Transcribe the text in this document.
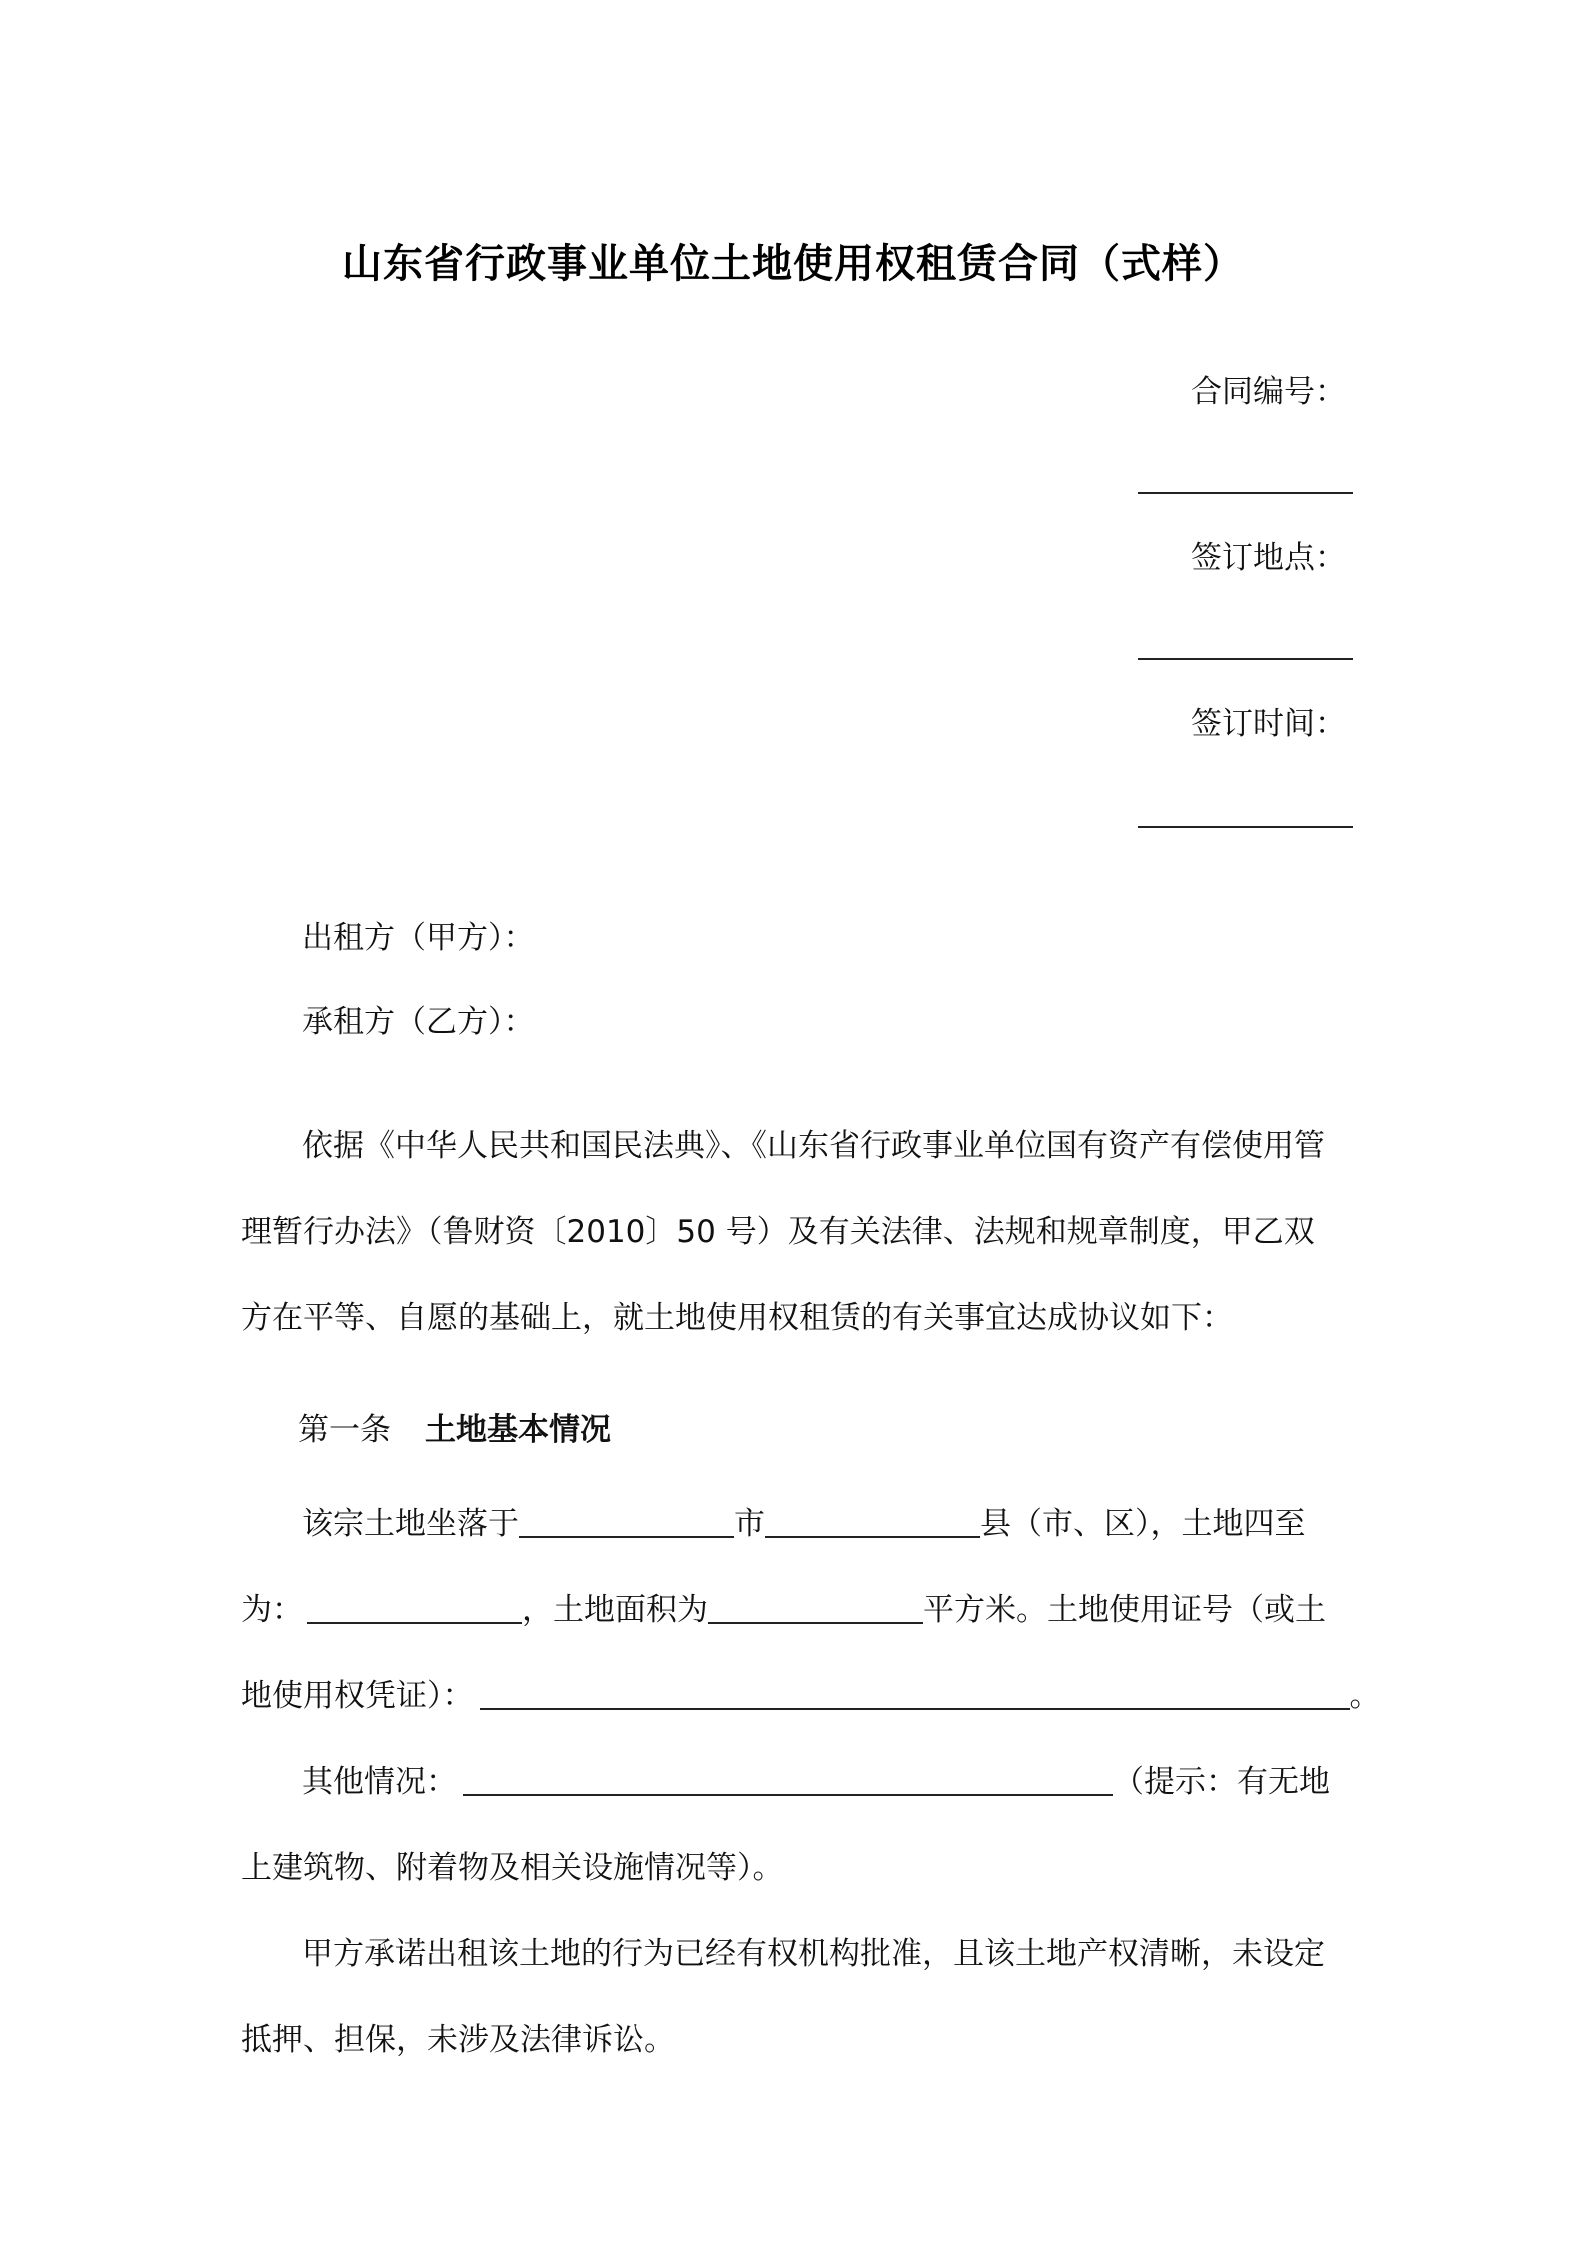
山东省行政事业单位土地使用权租赁合同（式样）
合同编号：
签订地点：
签订时间：
出租方（甲方）：
承租方（乙方）：
依据《中华人民共和国民法典》、《山东省行政事业单位国有资产有偿使用管
理暂行办法》（鲁财资〔2010〕50 号）及有关法律、法规和规章制度，甲乙双
方在平等、自愿的基础上，就土地使用权租赁的有关事宜达成协议如下：
第一条 土地基本情况
该宗土地坐落于	市	县（市、区），土地四至
为：	，土地面积为	平方米。土地使用证号（或土
地使用权凭证）：	。
其他情况：	（提示：有无地
上建筑物、附着物及相关设施情况等）。
甲方承诺出租该土地的行为已经有权机构批准，且该土地产权清晰，未设定
抵押、担保，未涉及法律诉讼。
